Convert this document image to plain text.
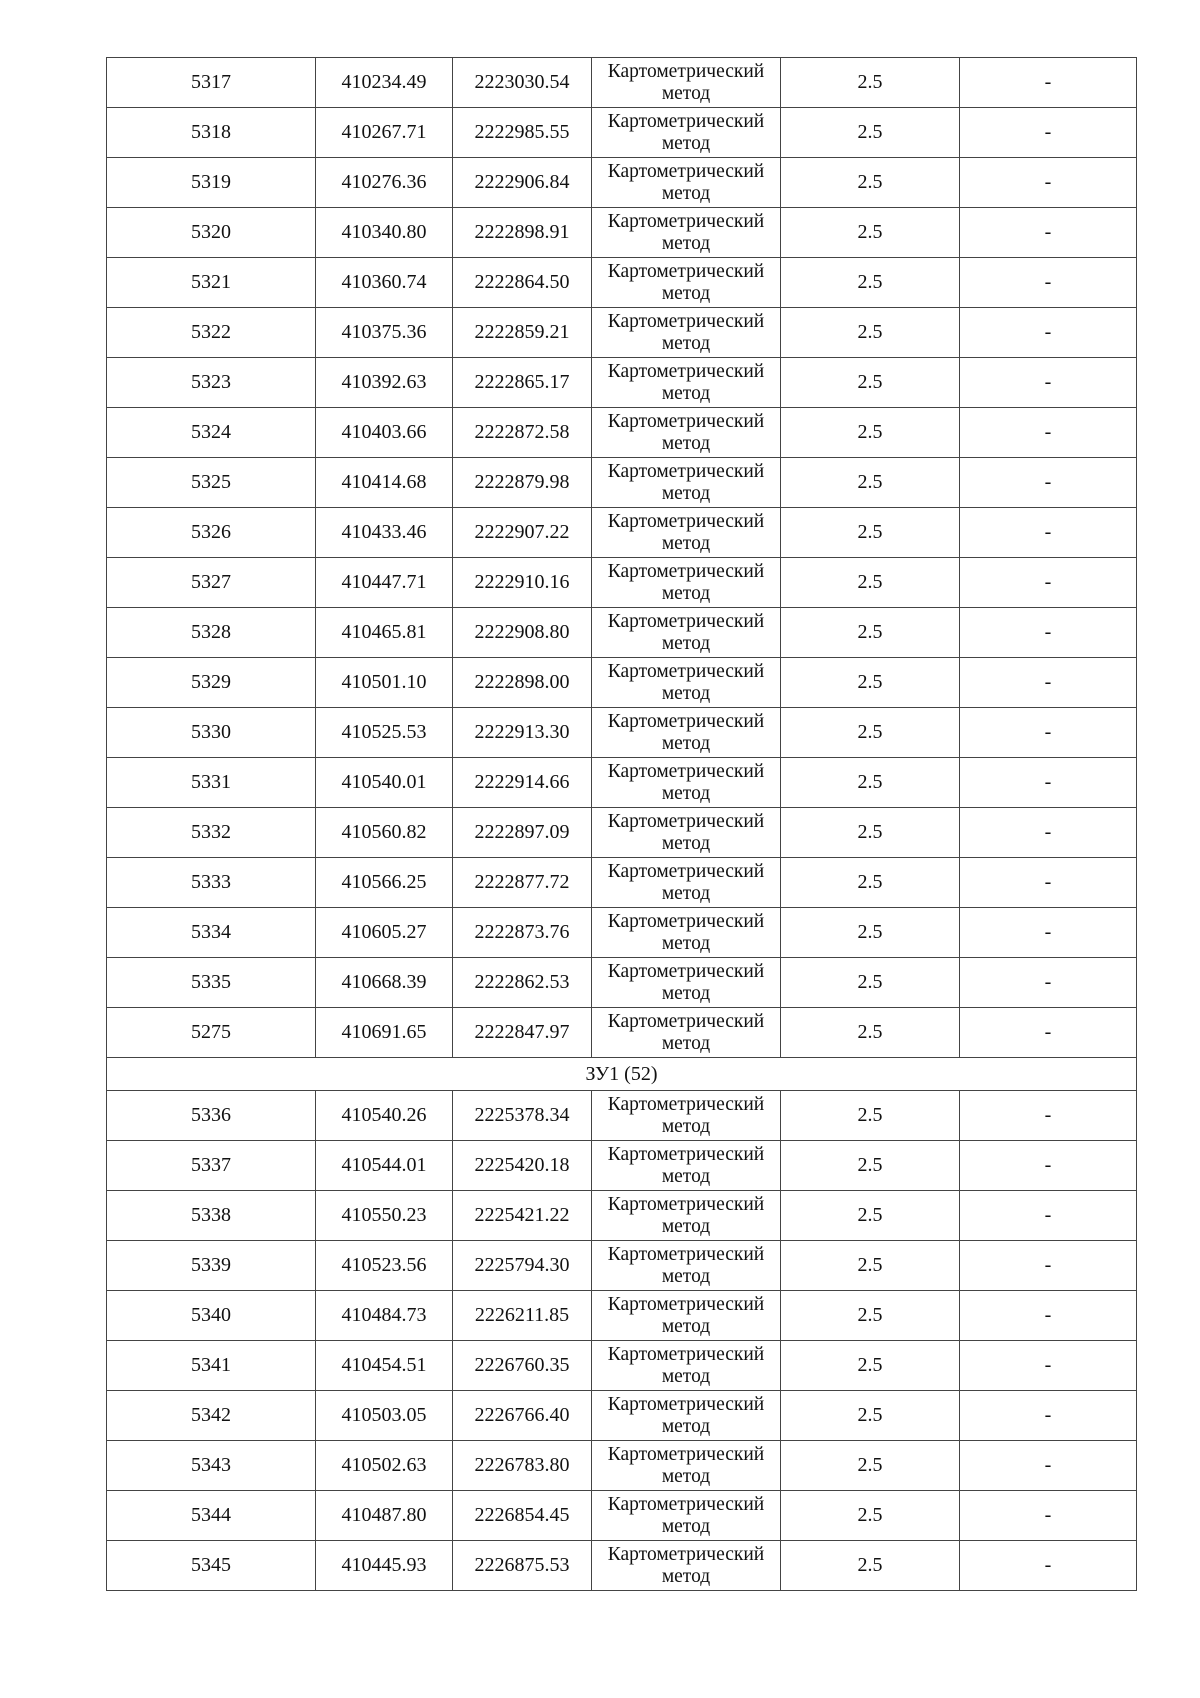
5317	410234.49	2223030.54	Картометрический метод	2.5	-
5318	410267.71	2222985.55	Картометрический метод	2.5	-
5319	410276.36	2222906.84	Картометрический метод	2.5	-
5320	410340.80	2222898.91	Картометрический метод	2.5	-
5321	410360.74	2222864.50	Картометрический метод	2.5	-
5322	410375.36	2222859.21	Картометрический метод	2.5	-
5323	410392.63	2222865.17	Картометрический метод	2.5	-
5324	410403.66	2222872.58	Картометрический метод	2.5	-
5325	410414.68	2222879.98	Картометрический метод	2.5	-
5326	410433.46	2222907.22	Картометрический метод	2.5	-
5327	410447.71	2222910.16	Картометрический метод	2.5	-
5328	410465.81	2222908.80	Картометрический метод	2.5	-
5329	410501.10	2222898.00	Картометрический метод	2.5	-
5330	410525.53	2222913.30	Картометрический метод	2.5	-
5331	410540.01	2222914.66	Картометрический метод	2.5	-
5332	410560.82	2222897.09	Картометрический метод	2.5	-
5333	410566.25	2222877.72	Картометрический метод	2.5	-
5334	410605.27	2222873.76	Картометрический метод	2.5	-
5335	410668.39	2222862.53	Картометрический метод	2.5	-
5275	410691.65	2222847.97	Картометрический метод	2.5	-
ЗУ1 (52)					
5336	410540.26	2225378.34	Картометрический метод	2.5	-
5337	410544.01	2225420.18	Картометрический метод	2.5	-
5338	410550.23	2225421.22	Картометрический метод	2.5	-
5339	410523.56	2225794.30	Картометрический метод	2.5	-
5340	410484.73	2226211.85	Картометрический метод	2.5	-
5341	410454.51	2226760.35	Картометрический метод	2.5	-
5342	410503.05	2226766.40	Картометрический метод	2.5	-
5343	410502.63	2226783.80	Картометрический метод	2.5	-
5344	410487.80	2226854.45	Картометрический метод	2.5	-
5345	410445.93	2226875.53	Картометрический метод	2.5	-
